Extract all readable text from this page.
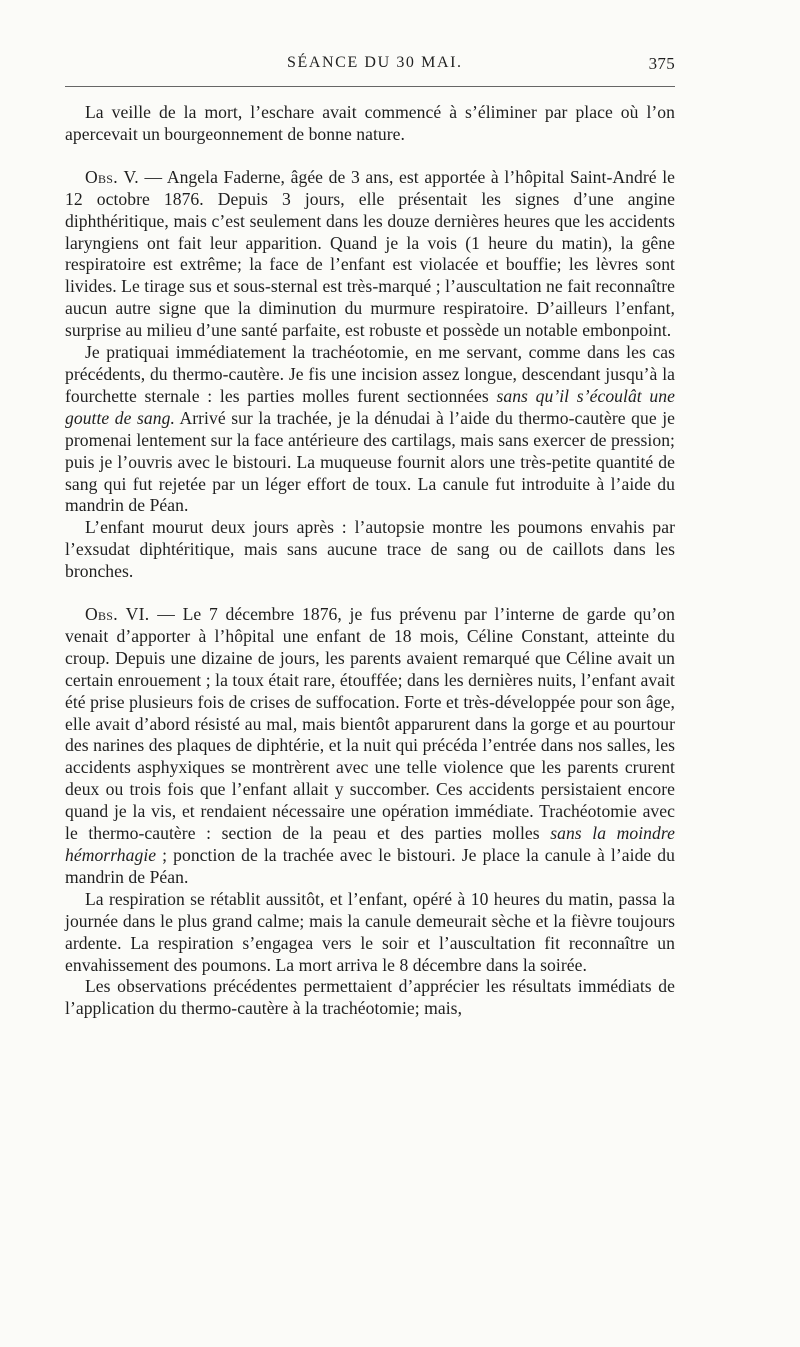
SÉANCE DU 30 MAI.	375

La veille de la mort, l’eschare avait commencé à s’éliminer par place où l’on apercevait un bourgeonnement de bonne nature.

Obs. V. — Angela Faderne, âgée de 3 ans, est apportée à l’hôpital Saint-André le 12 octobre 1876. Depuis 3 jours, elle présentait les signes d’une angine diphthéritique, mais c’est seulement dans les douze dernières heures que les accidents laryngiens ont fait leur apparition. Quand je la vois (1 heure du matin), la gêne respiratoire est extrême; la face de l’enfant est violacée et bouffie; les lèvres sont livides. Le tirage sus et sous-sternal est très-marqué ; l’auscultation ne fait reconnaître aucun autre signe que la diminution du murmure respiratoire. D’ailleurs l’enfant, surprise au milieu d’une santé parfaite, est robuste et possède un notable embonpoint.

Je pratiquai immédiatement la trachéotomie, en me servant, comme dans les cas précédents, du thermo-cautère. Je fis une incision assez longue, descendant jusqu’à la fourchette sternale : les parties molles furent sectionnées sans qu’il s’écoulât une goutte de sang. Arrivé sur la trachée, je la dénudai à l’aide du thermo-cautère que je promenai lentement sur la face antérieure des cartilags, mais sans exercer de pression; puis je l’ouvris avec le bistouri. La muqueuse fournit alors une très-petite quantité de sang qui fut rejetée par un léger effort de toux. La canule fut introduite à l’aide du mandrin de Péan.

L’enfant mourut deux jours après : l’autopsie montre les poumons envahis par l’exsudat diphtéritique, mais sans aucune trace de sang ou de caillots dans les bronches.

Obs. VI. — Le 7 décembre 1876, je fus prévenu par l’interne de garde qu’on venait d’apporter à l’hôpital une enfant de 18 mois, Céline Constant, atteinte du croup. Depuis une dizaine de jours, les parents avaient remarqué que Céline avait un certain enrouement ; la toux était rare, étouffée; dans les dernières nuits, l’enfant avait été prise plusieurs fois de crises de suffocation. Forte et très-développée pour son âge, elle avait d’abord résisté au mal, mais bientôt apparurent dans la gorge et au pourtour des narines des plaques de diphtérie, et la nuit qui précéda l’entrée dans nos salles, les accidents asphyxiques se montrèrent avec une telle violence que les parents crurent deux ou trois fois que l’enfant allait y succomber. Ces accidents persistaient encore quand je la vis, et rendaient nécessaire une opération immédiate. Trachéotomie avec le thermo-cautère : section de la peau et des parties molles sans la moindre hémorrhagie ; ponction de la trachée avec le bistouri. Je place la canule à l’aide du mandrin de Péan.

La respiration se rétablit aussitôt, et l’enfant, opéré à 10 heures du matin, passa la journée dans le plus grand calme; mais la canule demeurait sèche et la fièvre toujours ardente. La respiration s’engagea vers le soir et l’auscultation fit reconnaître un envahissement des poumons. La mort arriva le 8 décembre dans la soirée.

Les observations précédentes permettaient d’apprécier les résultats immédiats de l’application du thermo-cautère à la trachéotomie; mais,
